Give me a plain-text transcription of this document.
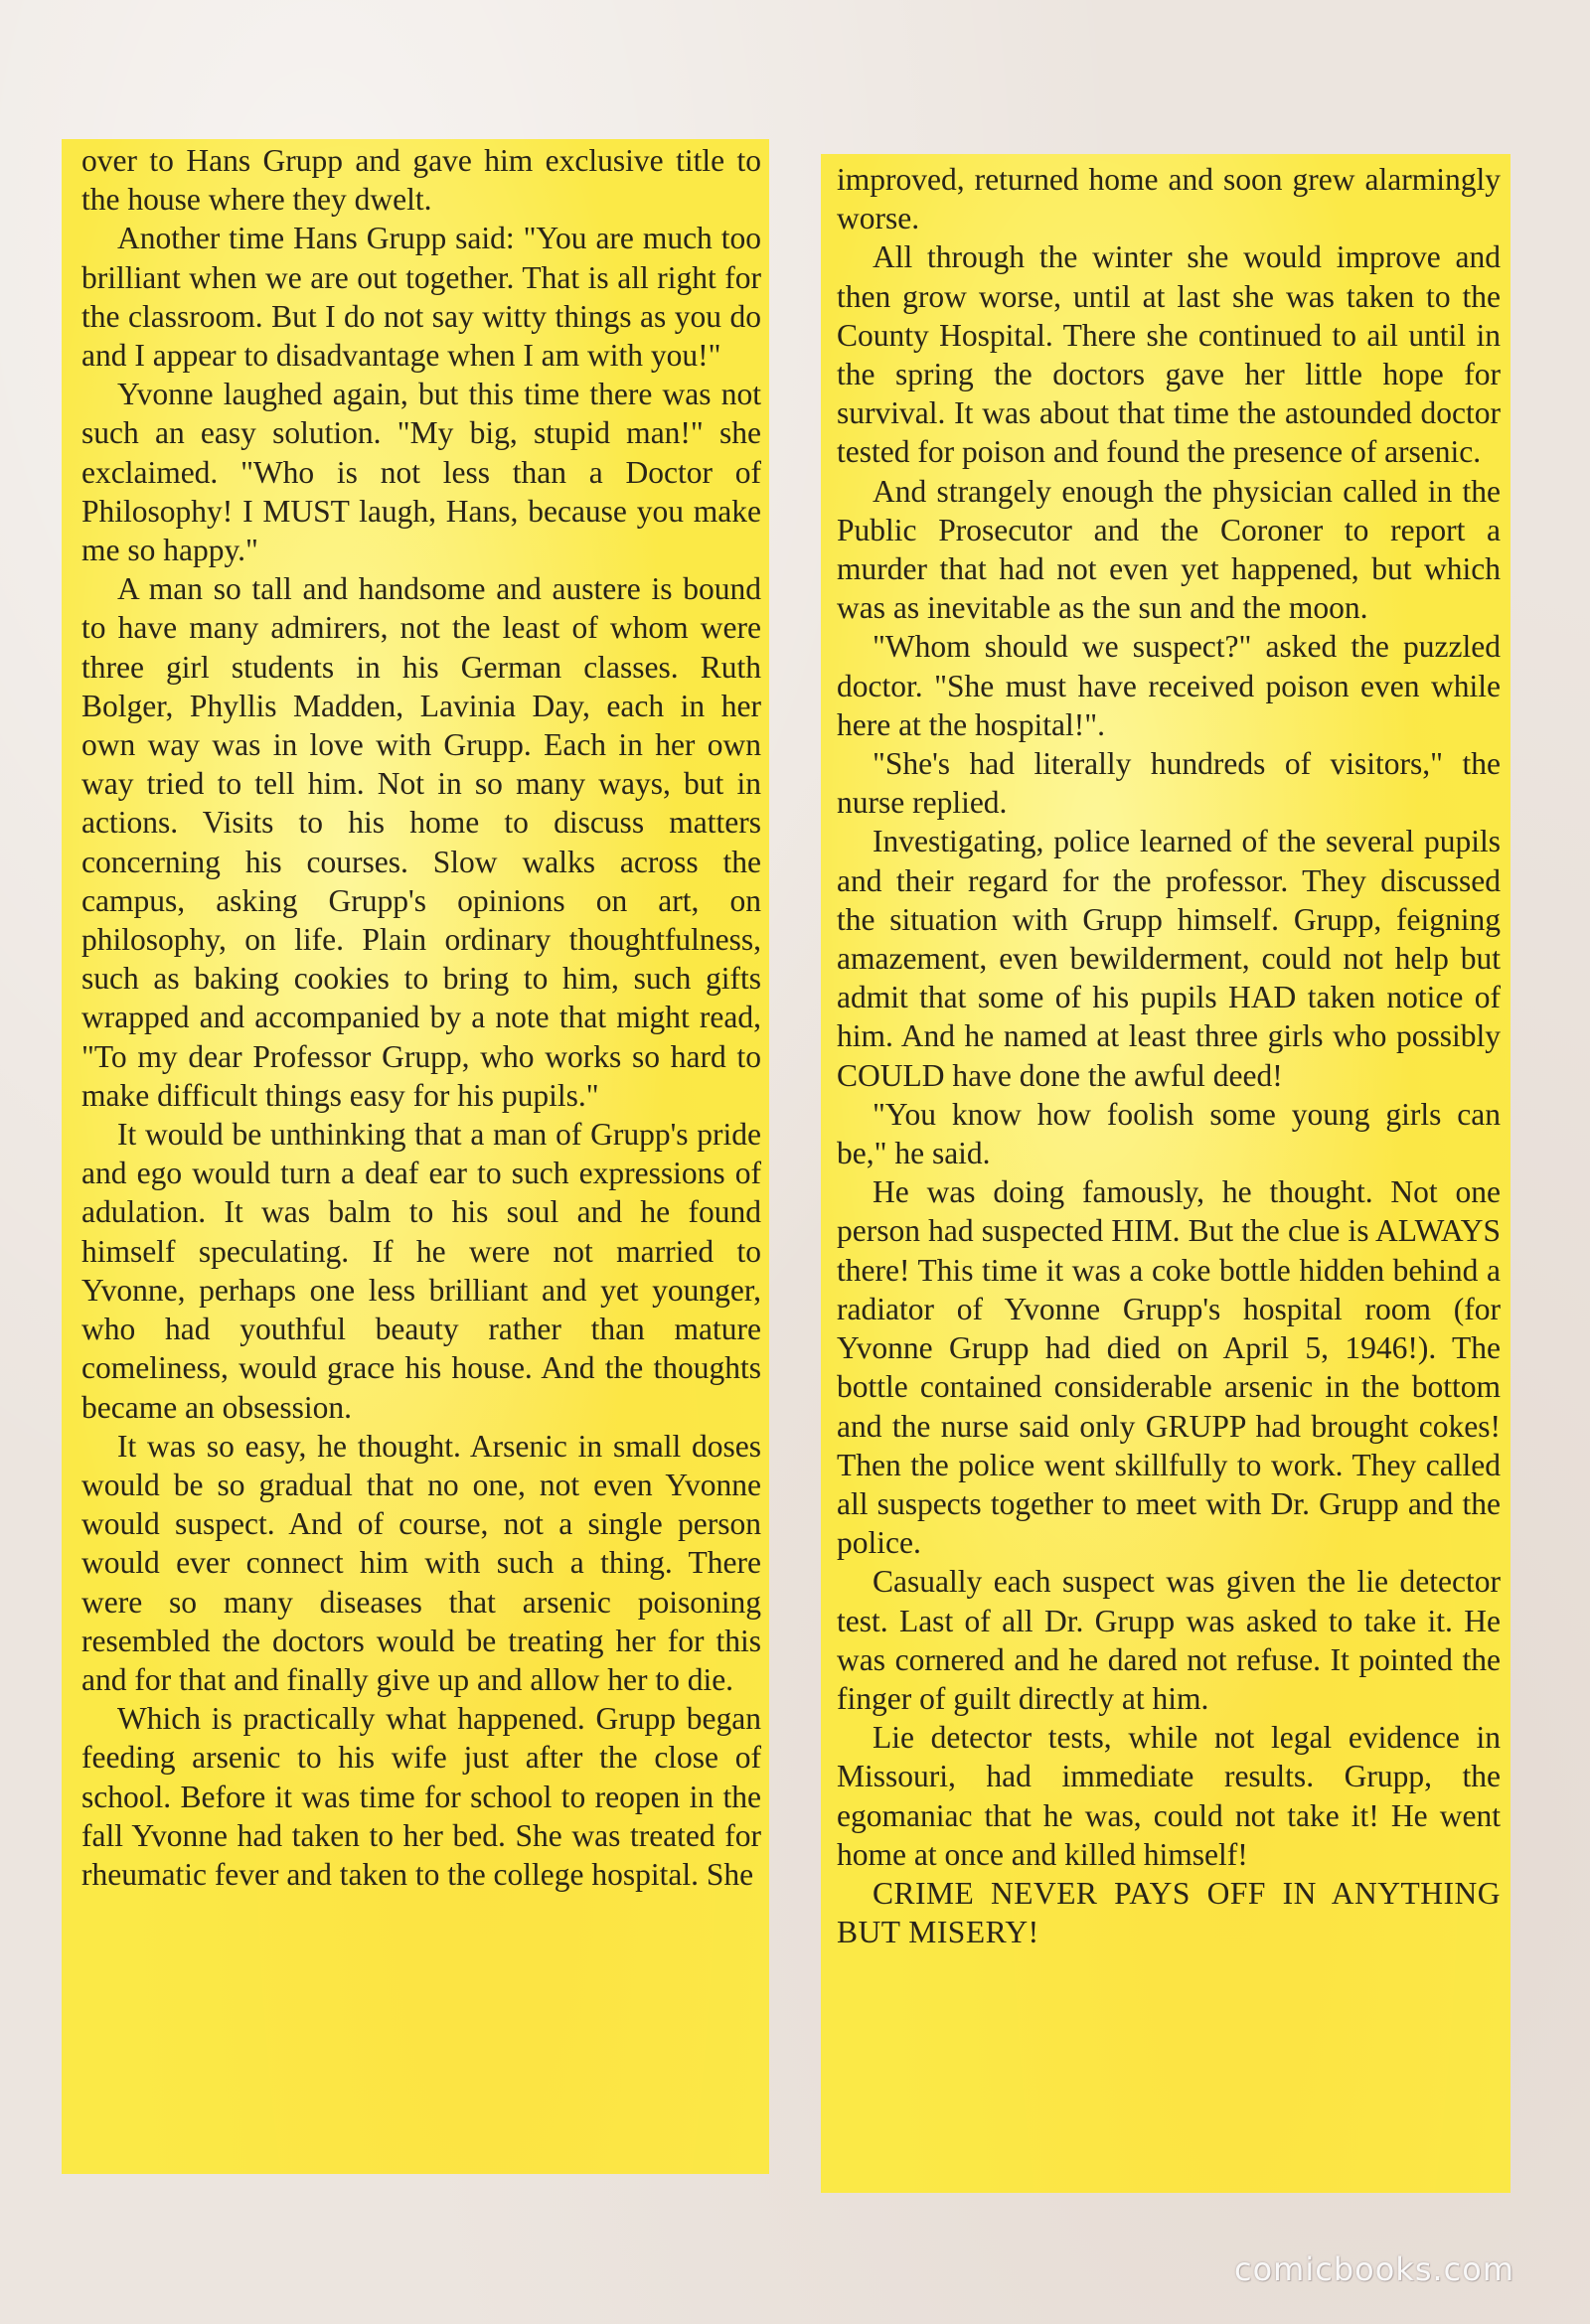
over to Hans Grupp and gave him exclusive title to the house where they dwelt.

Another time Hans Grupp said: "You are much too brilliant when we are out together. That is all right for the classroom. But I do not say witty things as you do and I appear to disadvantage when I am with you!"

Yvonne laughed again, but this time there was not such an easy solution. "My big, stupid man!" she exclaimed. "Who is not less than a Doctor of Philosophy! I MUST laugh, Hans, because you make me so happy."

A man so tall and handsome and austere is bound to have many admirers, not the least of whom were three girl students in his German classes. Ruth Bolger, Phyllis Madden, Lavinia Day, each in her own way was in love with Grupp. Each in her own way tried to tell him. Not in so many ways, but in actions. Visits to his home to discuss matters concerning his courses. Slow walks across the campus, asking Grupp's opinions on art, on philosophy, on life. Plain ordinary thoughtfulness, such as baking cookies to bring to him, such gifts wrapped and accompanied by a note that might read, "To my dear Professor Grupp, who works so hard to make difficult things easy for his pupils."

It would be unthinking that a man of Grupp's pride and ego would turn a deaf ear to such expressions of adulation. It was balm to his soul and he found himself speculating. If he were not married to Yvonne, perhaps one less brilliant and yet younger, who had youthful beauty rather than mature comeliness, would grace his house. And the thoughts became an obsession.

It was so easy, he thought. Arsenic in small doses would be so gradual that no one, not even Yvonne would suspect. And of course, not a single person would ever connect him with such a thing. There were so many diseases that arsenic poisoning resembled the doctors would be treating her for this and for that and finally give up and allow her to die.

Which is practically what happened. Grupp began feeding arsenic to his wife just after the close of school. Before it was time for school to reopen in the fall Yvonne had taken to her bed. She was treated for rheumatic fever and taken to the college hospital. She

improved, returned home and soon grew alarmingly worse.

All through the winter she would improve and then grow worse, until at last she was taken to the County Hospital. There she continued to ail until in the spring the doctors gave her little hope for survival. It was about that time the astounded doctor tested for poison and found the presence of arsenic.

And strangely enough the physician called in the Public Prosecutor and the Coroner to report a murder that had not even yet happened, but which was as inevitable as the sun and the moon.

"Whom should we suspect?" asked the puzzled doctor. "She must have received poison even while here at the hospital!".

"She's had literally hundreds of visitors," the nurse replied.

Investigating, police learned of the several pupils and their regard for the professor. They discussed the situation with Grupp himself. Grupp, feigning amazement, even bewilderment, could not help but admit that some of his pupils HAD taken notice of him. And he named at least three girls who possibly COULD have done the awful deed!

"You know how foolish some young girls can be," he said.

He was doing famously, he thought. Not one person had suspected HIM. But the clue is ALWAYS there! This time it was a coke bottle hidden behind a radiator of Yvonne Grupp's hospital room (for Yvonne Grupp had died on April 5, 1946!). The bottle contained considerable arsenic in the bottom and the nurse said only GRUPP had brought cokes! Then the police went skillfully to work. They called all suspects together to meet with Dr. Grupp and the police.

Casually each suspect was given the lie detector test. Last of all Dr. Grupp was asked to take it. He was cornered and he dared not refuse. It pointed the finger of guilt directly at him.

Lie detector tests, while not legal evidence in Missouri, had immediate results. Grupp, the egomaniac that he was, could not take it! He went home at once and killed himself!

CRIME NEVER PAYS OFF IN ANYTHING BUT MISERY!

comicbooks.com
